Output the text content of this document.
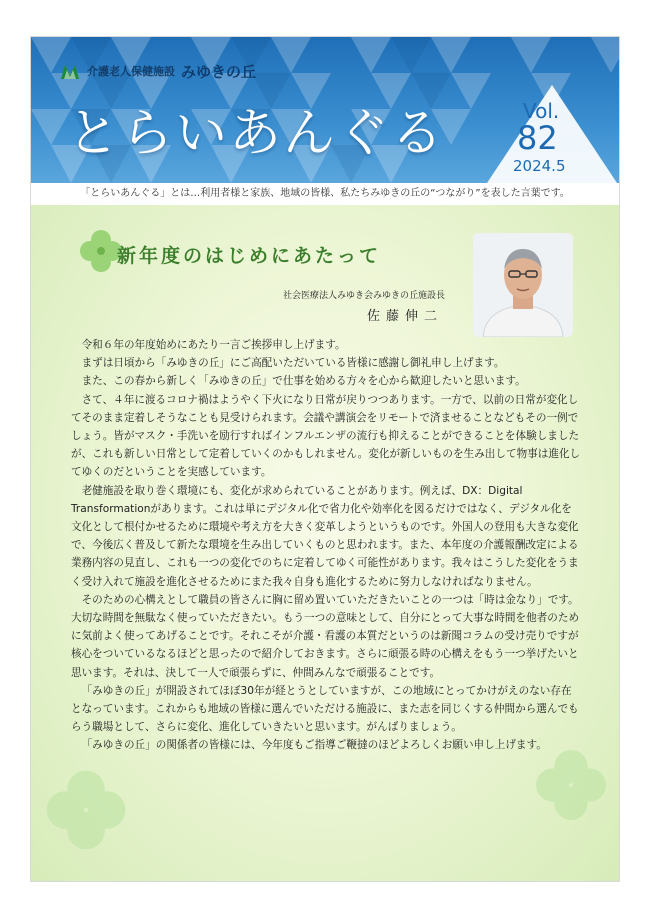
介護老人保健施設 みゆきの丘
とらいあんぐる	Vol.
82
2024.5
「とらいあんぐる」とは…利用者様と家族、地域の皆様、私たちみゆきの丘の“つながり”を表した言葉です。
新年度のはじめにあたって
社会医療法人みゆき会みゆきの丘施設長
佐藤伸二

令和６年の年度始めにあたり一言ご挨拶申し上げます。

まずは日頃から「みゆきの丘」にご高配いただいている皆様に感謝し御礼申し上げます。

また、この春から新しく「みゆきの丘」で仕事を始める方々を心から歓迎したいと思います。

さて、４年に渡るコロナ禍はようやく下火になり日常が戻りつつあります。一方で、以前の日常が変化してそのまま定着しそうなことも見受けられます。会議や講演会をリモートで済ませることなどもその一例でしょう。皆がマスク・手洗いを励行すればインフルエンザの流行も抑えることができることを体験しましたが、これも新しい日常として定着していくのかもしれません。変化が新しいものを生み出して物事は進化してゆくのだということを実感しています。

老健施設を取り巻く環境にも、変化が求められていることがあります。例えば、DX：Digital Transformationがあります。これは単にデジタル化で省力化や効率化を図るだけではなく、デジタル化を文化として根付かせるために環境や考え方を大きく変革しようというものです。外国人の登用も大きな変化で、今後広く普及して新たな環境を生み出していくものと思われます。また、本年度の介護報酬改定による業務内容の見直し、これも一つの変化でのちに定着してゆく可能性があります。我々はこうした変化をうまく受け入れて施設を進化させるためにまた我々自身も進化するために努力しなければなりません。

そのための心構えとして職員の皆さんに胸に留め置いていただきたいことの一つは「時は金なり」です。大切な時間を無駄なく使っていただきたい。もう一つの意味として、自分にとって大事な時間を他者のために気前よく使ってあげることです。それこそが介護・看護の本質だというのは新聞コラムの受け売りですが核心をついているなるほどと思ったので紹介しておきます。さらに頑張る時の心構えをもう一つ挙げたいと思います。それは、決して一人で頑張らずに、仲間みんなで頑張ることです。

「みゆきの丘」が開設されてほぼ30年が経とうとしていますが、この地域にとってかけがえのない存在となっています。これからも地域の皆様に選んでいただける施設に、また志を同じくする仲間から選んでもらう職場として、さらに変化、進化していきたいと思います。がんばりましょう。

「みゆきの丘」の関係者の皆様には、今年度もご指導ご鞭撻のほどよろしくお願い申し上げます。
